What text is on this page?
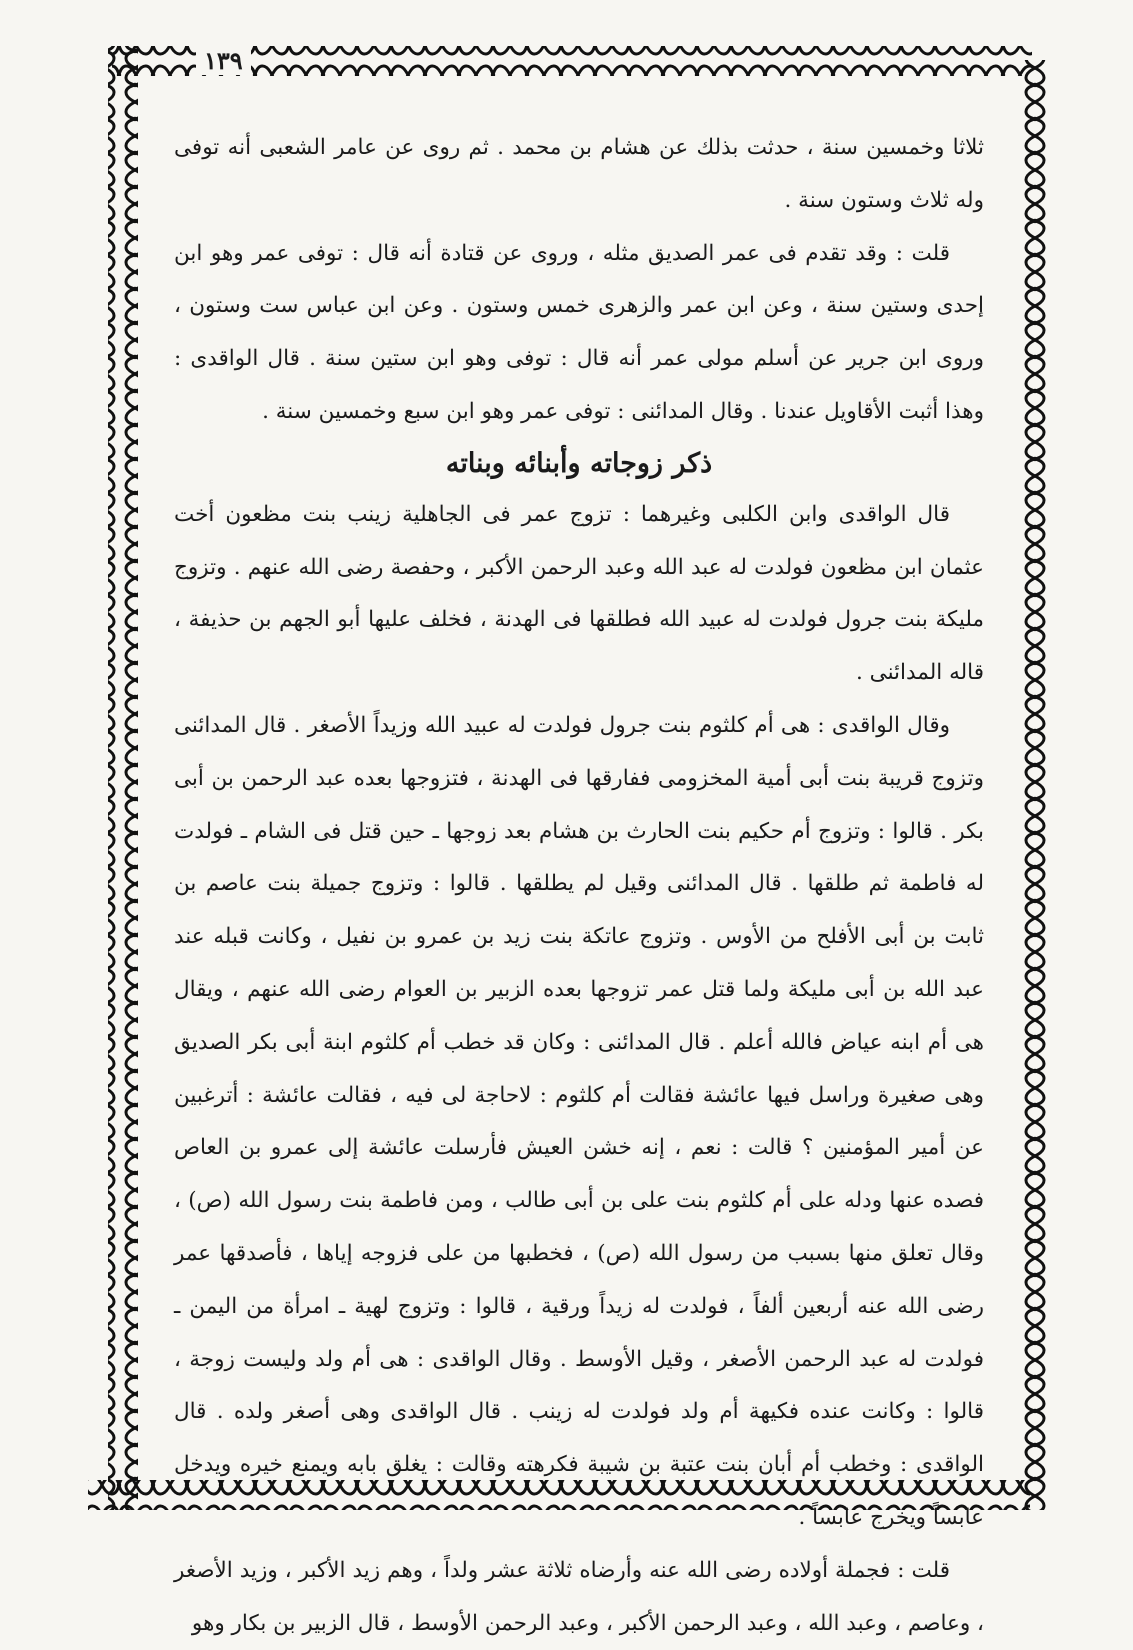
١٣٩

ثلاثا وخمسين سنة ، حدثت بذلك عن هشام بن محمد . ثم روى عن عامر الشعبى أنه توفى وله ثلاث وستون سنة .

قلت : وقد تقدم فى عمر الصديق مثله ، وروى عن قتادة أنه قال : توفى عمر وهو ابن إحدى وستين سنة ، وعن ابن عمر والزهرى خمس وستون . وعن ابن عباس ست وستون ، وروى ابن جرير عن أسلم مولى عمر أنه قال : توفى وهو ابن ستين سنة . قال الواقدى : وهذا أثبت الأقاويل عندنا . وقال المدائنى : توفى عمر وهو ابن سبع وخمسين سنة .

ذكر زوجاته وأبنائه وبناته

قال الواقدى وابن الكلبى وغيرهما : تزوج عمر فى الجاهلية زينب بنت مظعون أخت عثمان ابن مظعون فولدت له عبد الله وعبد الرحمن الأكبر ، وحفصة رضى الله عنهم . وتزوج مليكة بنت جرول فولدت له عبيد الله فطلقها فى الهدنة ، فخلف عليها أبو الجهم بن حذيفة ، قاله المدائنى .

وقال الواقدى : هى أم كلثوم بنت جرول فولدت له عبيد الله وزيداً الأصغر . قال المدائنى وتزوج قريبة بنت أبى أمية المخزومى ففارقها فى الهدنة ، فتزوجها بعده عبد الرحمن بن أبى بكر . قالوا : وتزوج أم حكيم بنت الحارث بن هشام بعد زوجها ـ حين قتل فى الشام ـ فولدت له فاطمة ثم طلقها . قال المدائنى وقيل لم يطلقها . قالوا : وتزوج جميلة بنت عاصم بن ثابت بن أبى الأفلح من الأوس . وتزوج عاتكة بنت زيد بن عمرو بن نفيل ، وكانت قبله عند عبد الله بن أبى مليكة ولما قتل عمر تزوجها بعده الزبير بن العوام رضى الله عنهم ، ويقال هى أم ابنه عياض فالله أعلم . قال المدائنى : وكان قد خطب أم كلثوم ابنة أبى بكر الصديق وهى صغيرة وراسل فيها عائشة فقالت أم كلثوم : لاحاجة لى فيه ، فقالت عائشة : أترغبين عن أمير المؤمنين ؟ قالت : نعم ، إنه خشن العيش فأرسلت عائشة إلى عمرو بن العاص فصده عنها ودله على أم كلثوم بنت على بن أبى طالب ، ومن فاطمة بنت رسول الله (ص) ، وقال تعلق منها بسبب من رسول الله (ص) ، فخطبها من على فزوجه إياها ، فأصدقها عمر رضى الله عنه أربعين ألفاً ، فولدت له زيداً ورقية ، قالوا : وتزوج لهية ـ امرأة من اليمن ـ فولدت له عبد الرحمن الأصغر ، وقيل الأوسط . وقال الواقدى : هى أم ولد وليست زوجة ، قالوا : وكانت عنده فكيهة أم ولد فولدت له زينب . قال الواقدى وهى أصغر ولده . قال الواقدى : وخطب أم أبان بنت عتبة بن شيبة فكرهته وقالت : يغلق بابه ويمنع خيره ويدخل عابساً ويخرج عابساً .

قلت : فجملة أولاده رضى الله عنه وأرضاه ثلاثة عشر ولداً ، وهم زيد الأكبر ، وزيد الأصغر ، وعاصم ، وعبد الله ، وعبد الرحمن الأكبر ، وعبد الرحمن الأوسط ، قال الزبير بن بكار وهو
